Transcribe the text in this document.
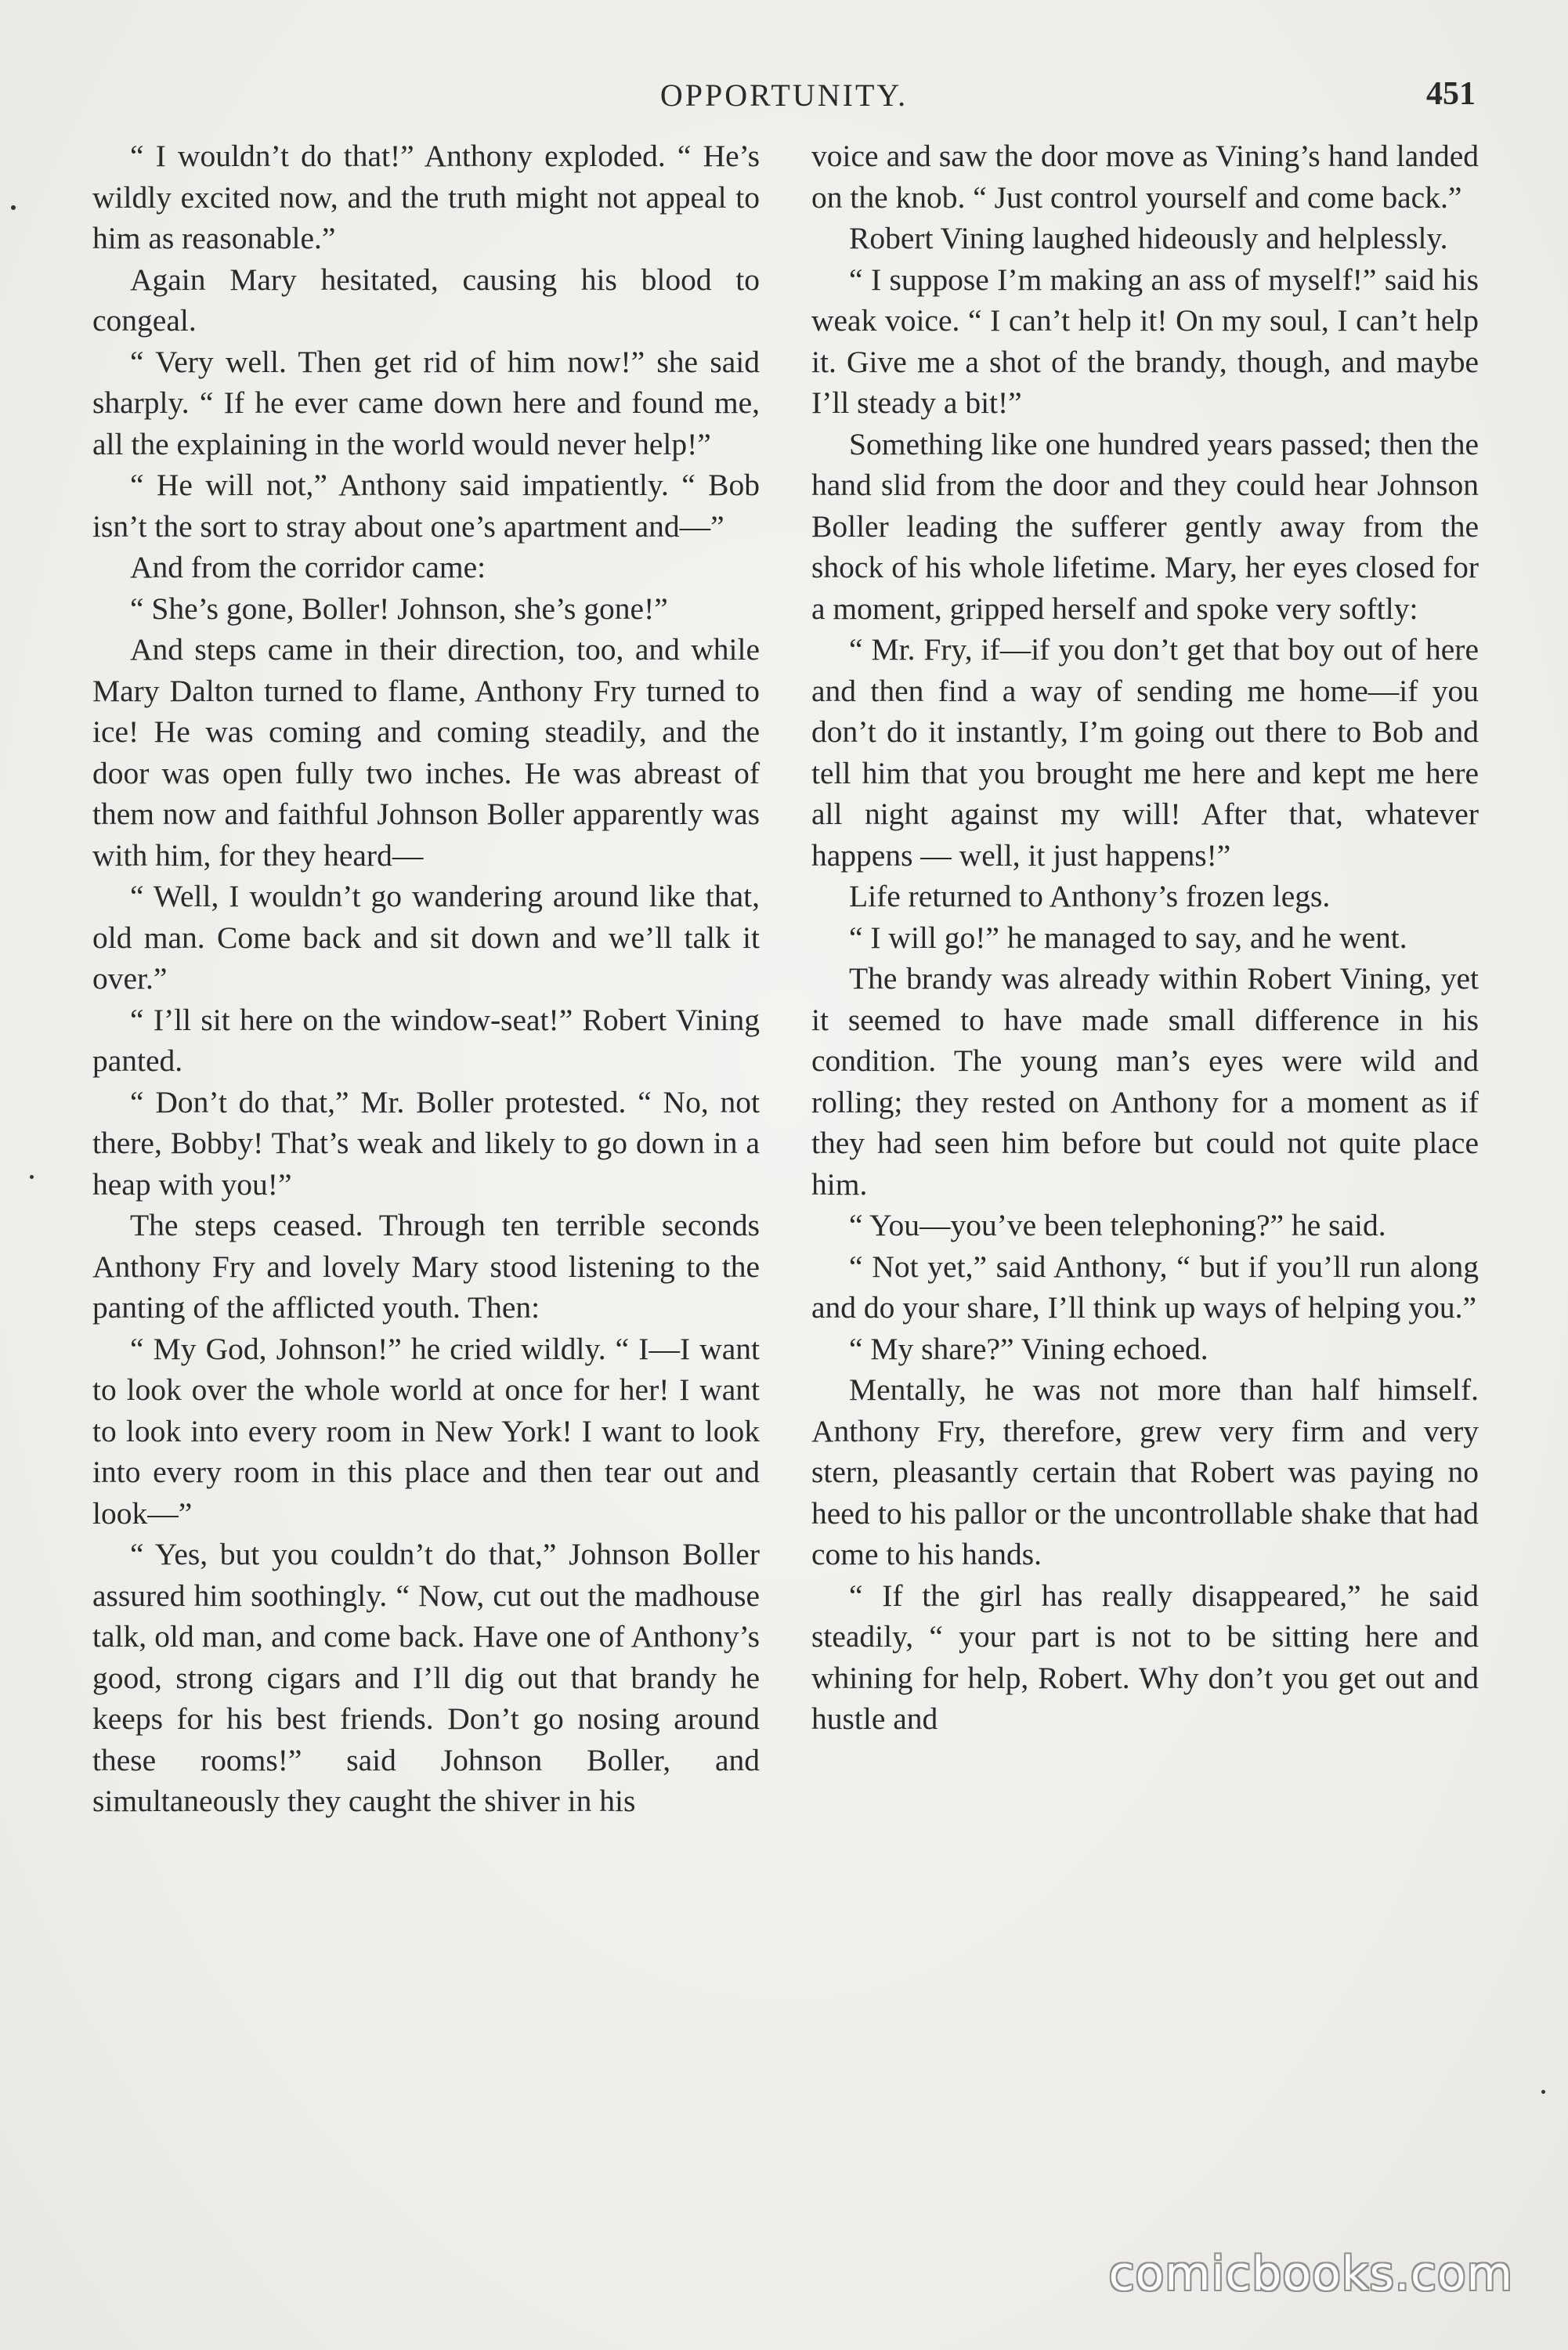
OPPORTUNITY.	451

“ I wouldn’t do that!” Anthony exploded. “ He’s wildly excited now, and the truth might not appeal to him as reasonable.”

Again Mary hesitated, causing his blood to congeal.

“ Very well. Then get rid of him now!” she said sharply. “ If he ever came down here and found me, all the explaining in the world would never help!”

“ He will not,” Anthony said impatiently. “ Bob isn’t the sort to stray about one’s apartment and—”

And from the corridor came:

“ She’s gone, Boller! Johnson, she’s gone!”

And steps came in their direction, too, and while Mary Dalton turned to flame, Anthony Fry turned to ice! He was coming and coming steadily, and the door was open fully two inches. He was abreast of them now and faithful Johnson Boller apparently was with him, for they heard—

“ Well, I wouldn’t go wandering around like that, old man. Come back and sit down and we’ll talk it over.”

“ I’ll sit here on the window-seat!” Robert Vining panted.

“ Don’t do that,” Mr. Boller protested. “ No, not there, Bobby! That’s weak and likely to go down in a heap with you!”

The steps ceased. Through ten terrible seconds Anthony Fry and lovely Mary stood listening to the panting of the afflicted youth. Then:

“ My God, Johnson!” he cried wildly. “ I—I want to look over the whole world at once for her! I want to look into every room in New York! I want to look into every room in this place and then tear out and look—”

“ Yes, but you couldn’t do that,” Johnson Boller assured him soothingly. “ Now, cut out the madhouse talk, old man, and come back. Have one of Anthony’s good, strong cigars and I’ll dig out that brandy he keeps for his best friends. Don’t go nosing around these rooms!” said Johnson Boller, and simultaneously they caught the shiver in his

voice and saw the door move as Vining’s hand landed on the knob. “ Just control yourself and come back.”

Robert Vining laughed hideously and helplessly.

“ I suppose I’m making an ass of myself!” said his weak voice. “ I can’t help it! On my soul, I can’t help it. Give me a shot of the brandy, though, and maybe I’ll steady a bit!”

Something like one hundred years passed; then the hand slid from the door and they could hear Johnson Boller leading the sufferer gently away from the shock of his whole lifetime. Mary, her eyes closed for a moment, gripped herself and spoke very softly:

“ Mr. Fry, if—if you don’t get that boy out of here and then find a way of sending me home—if you don’t do it instantly, I’m going out there to Bob and tell him that you brought me here and kept me here all night against my will! After that, whatever happens — well, it just happens!”

Life returned to Anthony’s frozen legs.

“ I will go!” he managed to say, and he went.

The brandy was already within Robert Vining, yet it seemed to have made small difference in his condition. The young man’s eyes were wild and rolling; they rested on Anthony for a moment as if they had seen him before but could not quite place him.

“ You—you’ve been telephoning?” he said.

“ Not yet,” said Anthony, “ but if you’ll run along and do your share, I’ll think up ways of helping you.”

“ My share?” Vining echoed.

Mentally, he was not more than half himself. Anthony Fry, therefore, grew very firm and very stern, pleasantly certain that Robert was paying no heed to his pallor or the uncontrollable shake that had come to his hands.

“ If the girl has really disappeared,” he said steadily, “ your part is not to be sitting here and whining for help, Robert. Why don’t you get out and hustle and

comicbooks.com
